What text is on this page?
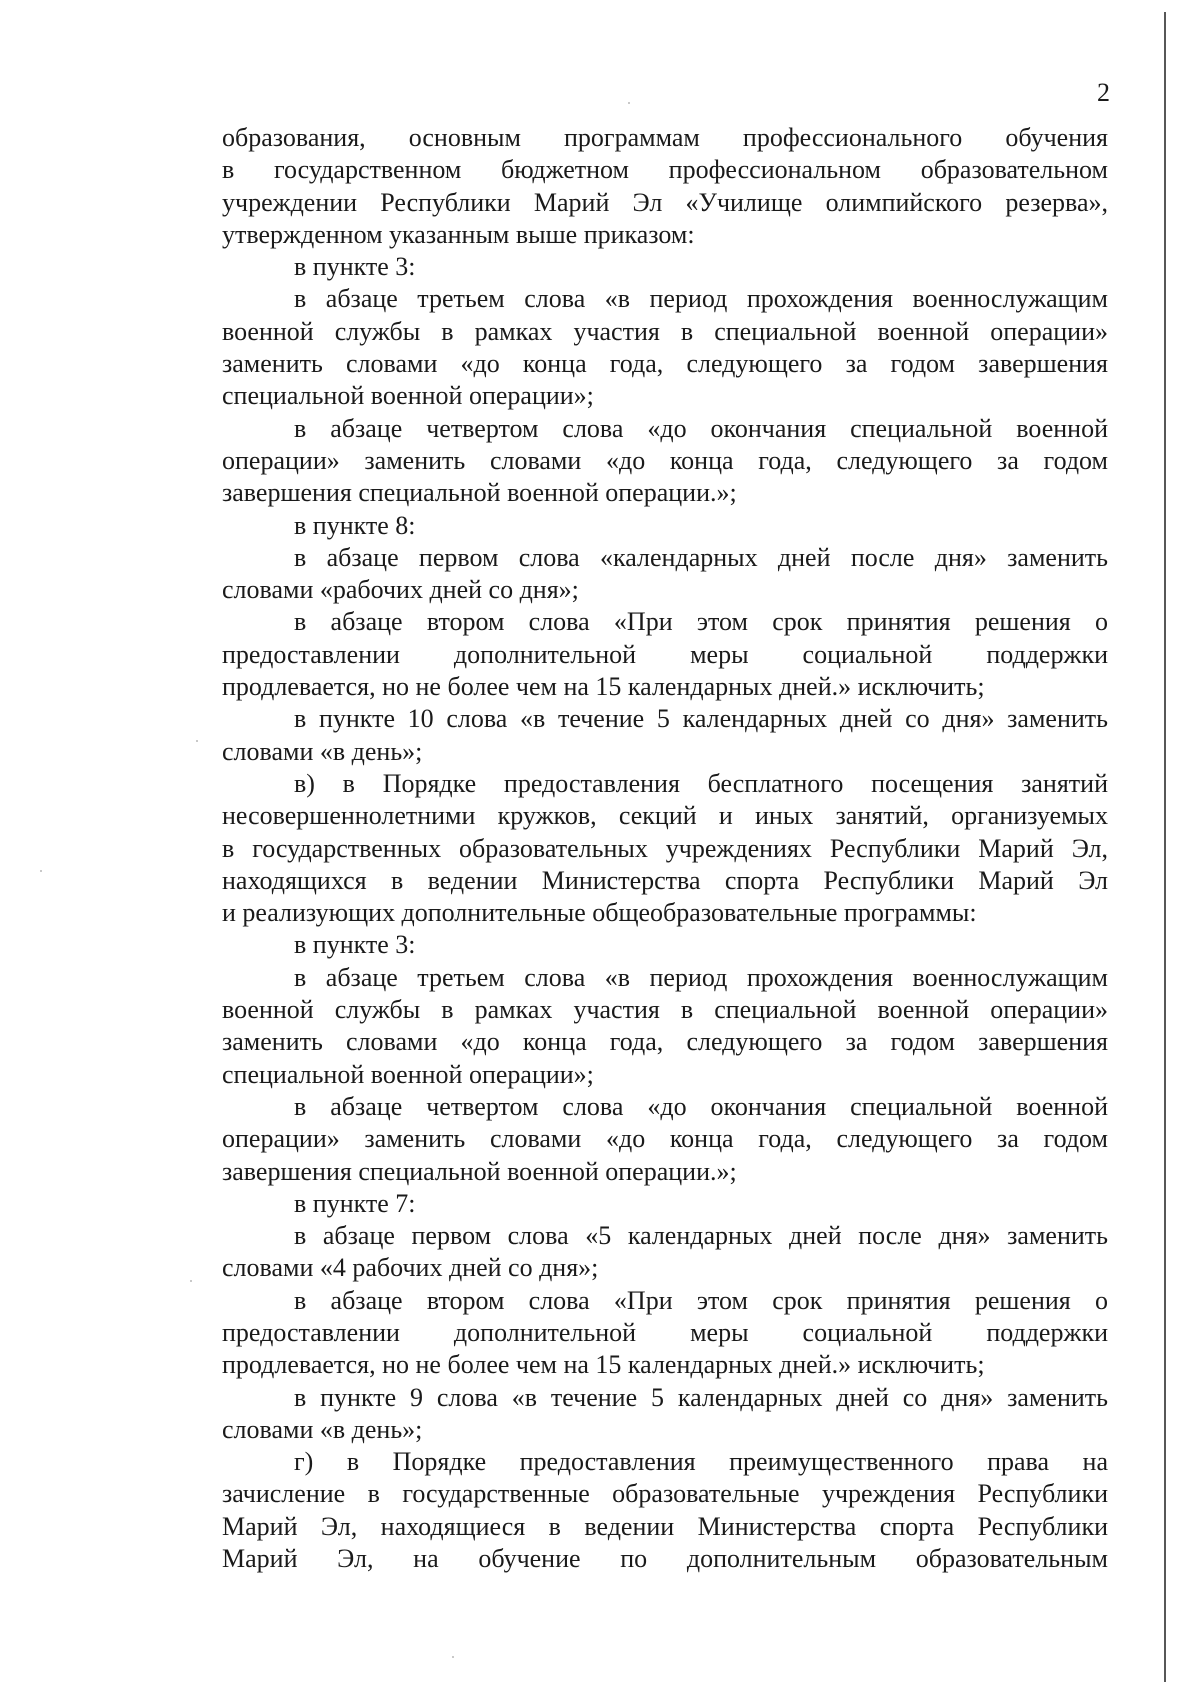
2
образования, основным программам профессионального обучения
в государственном бюджетном профессиональном образовательном
учреждении Республики Марий Эл «Училище олимпийского резерва»,
утвержденном указанным выше приказом:
в пункте 3:
в абзаце третьем слова «в период прохождения военнослужащим
военной службы в рамках участия в специальной военной операции»
заменить словами «до конца года, следующего за годом завершения
специальной военной операции»;
в абзаце четвертом слова «до окончания специальной военной
операции» заменить словами «до конца года, следующего за годом
завершения специальной военной операции.»;
в пункте 8:
в абзаце первом слова «календарных дней после дня» заменить
словами «рабочих дней со дня»;
в абзаце втором слова «При этом срок принятия решения о
предоставлении дополнительной меры социальной поддержки
продлевается, но не более чем на 15 календарных дней.» исключить;
в пункте 10 слова «в течение 5 календарных дней со дня» заменить
словами «в день»;
в) в Порядке предоставления бесплатного посещения занятий
несовершеннолетними кружков, секций и иных занятий, организуемых
в государственных образовательных учреждениях Республики Марий Эл,
находящихся в ведении Министерства спорта Республики Марий Эл
и реализующих дополнительные общеобразовательные программы:
в пункте 3:
в абзаце третьем слова «в период прохождения военнослужащим
военной службы в рамках участия в специальной военной операции»
заменить словами «до конца года, следующего за годом завершения
специальной военной операции»;
в абзаце четвертом слова «до окончания специальной военной
операции» заменить словами «до конца года, следующего за годом
завершения специальной военной операции.»;
в пункте 7:
в абзаце первом слова «5 календарных дней после дня» заменить
словами «4 рабочих дней со дня»;
в абзаце втором слова «При этом срок принятия решения о
предоставлении дополнительной меры социальной поддержки
продлевается, но не более чем на 15 календарных дней.» исключить;
в пункте 9 слова «в течение 5 календарных дней со дня» заменить
словами «в день»;
г) в Порядке предоставления преимущественного права на
зачисление в государственные образовательные учреждения Республики
Марий Эл, находящиеся в ведении Министерства спорта Республики
Марий Эл, на обучение по дополнительным образовательным
